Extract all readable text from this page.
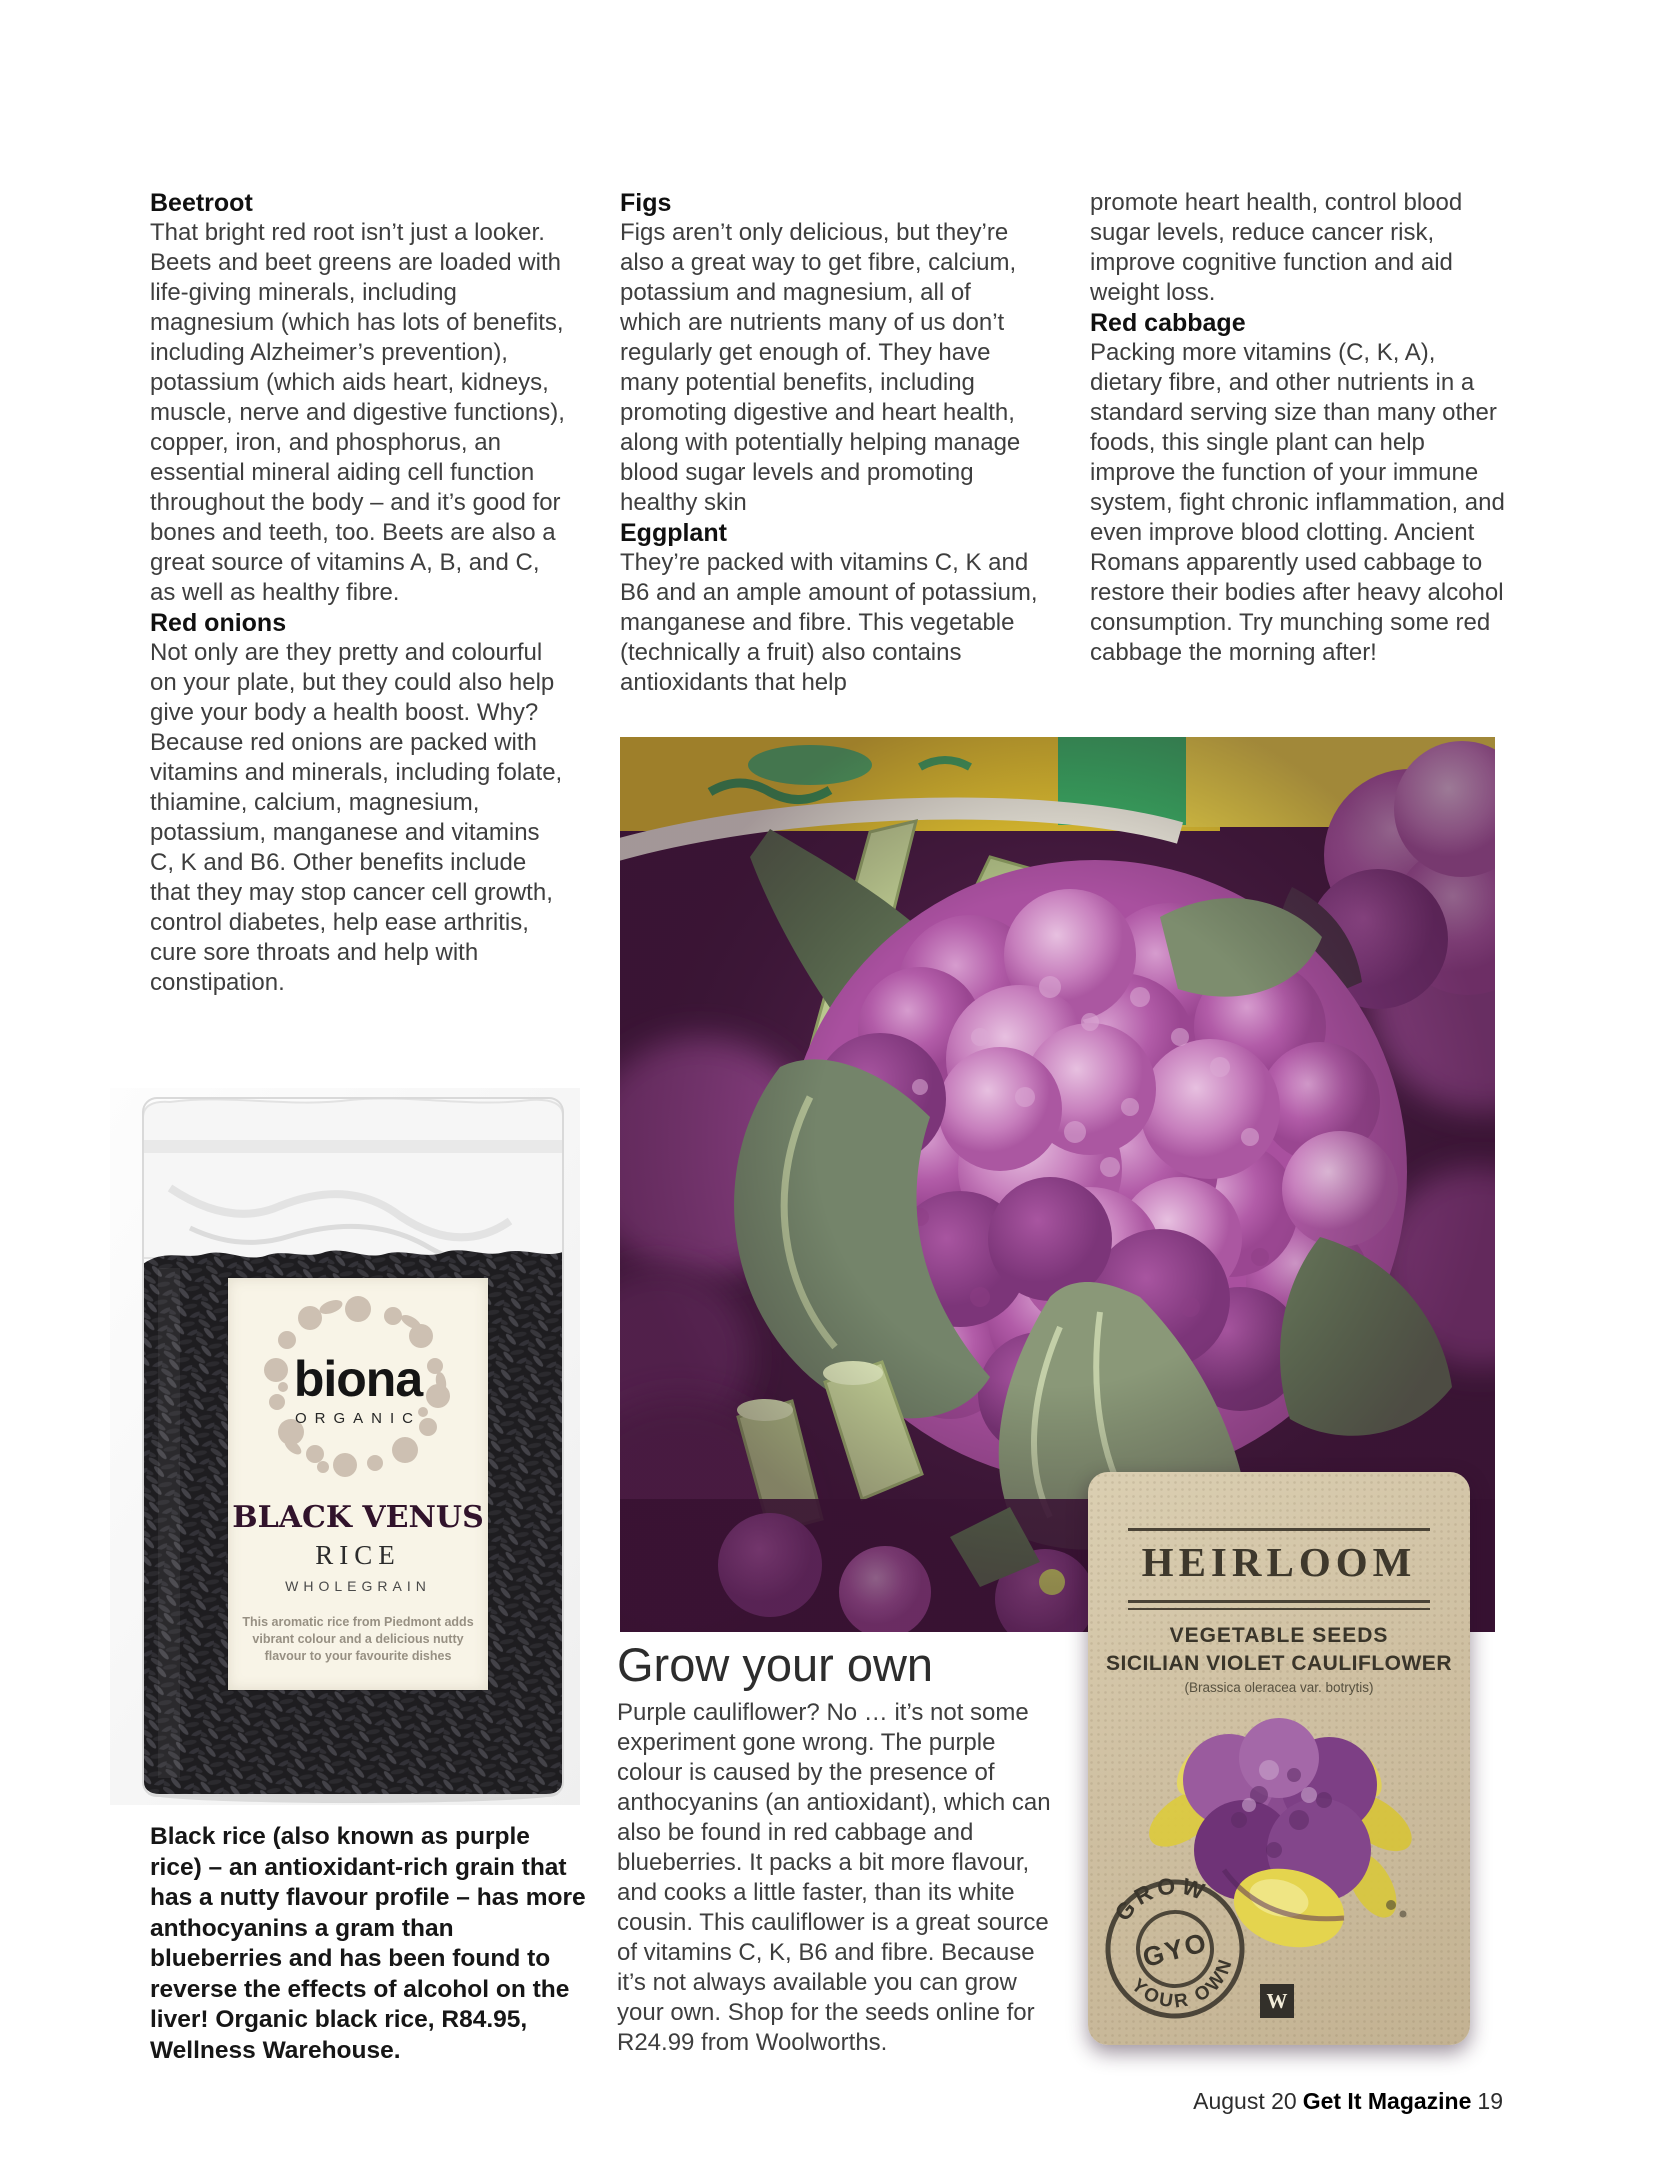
Beetroot

That bright red root isn’t just a looker. Beets and beet greens are loaded with life-giving minerals, including magnesium (which has lots of benefits, including Alzheimer’s prevention), potassium (which aids heart, kidneys, muscle, nerve and digestive functions), copper, iron, and phosphorus, an essential mineral aiding cell function throughout the body – and it’s good for bones and teeth, too. Beets are also a great source of vitamins A, B, and C, as well as healthy fibre.

Red onions

Not only are they pretty and colourful on your plate, but they could also help give your body a health boost. Why? Because red onions are packed with vitamins and minerals, including folate, thiamine, calcium, magnesium, potassium, manganese and vitamins C, K and B6. Other benefits include that they may stop cancer cell growth, control diabetes, help ease arthritis, cure sore throats and help with constipation.

Figs

Figs aren’t only delicious, but they’re also a great way to get fibre, calcium, potassium and magnesium, all of which are nutrients many of us don’t regularly get enough of. They have many potential benefits, including promoting digestive and heart health, along with potentially helping manage blood sugar levels and promoting healthy skin

Eggplant

They’re packed with vitamins C, K and B6 and an ample amount of potassium, manganese and fibre. This vegetable (technically a fruit) also contains antioxidants that help

promote heart health, control blood sugar levels, reduce cancer risk, improve cognitive function and aid weight loss.

Red cabbage

Packing more vitamins (C, K, A), dietary fibre, and other nutrients in a standard serving size than many other foods, this single plant can help improve the function of your immune system, fight chronic inflammation, and even improve blood clotting. Ancient Romans apparently used cabbage to restore their bodies after heavy alcohol consumption. Try munching some red cabbage the morning after!

HEIRLOOM
VEGETABLE SEEDS
SICILIAN VIOLET CAULIFLOWER
(Brassica oleracea var. botrytis)
GROW
YOUR OWN
GYO
W
biona
ORGANIC
BLACK VENUS
RICE
WHOLEGRAIN
This aromatic rice from Piedmont adds
vibrant colour and a delicious nutty
flavour to your favourite dishes

Black rice (also known as purple rice) – an antioxidant-rich grain that has a nutty flavour profile – has more anthocyanins a gram than blueberries and has been found to reverse the effects of alcohol on the liver! Organic black rice, R84.95, Wellness Warehouse.

Grow your own

Purple cauliflower? No … it’s not some experiment gone wrong. The purple colour is caused by the presence of anthocyanins (an antioxidant), which can also be found in red cabbage and blueberries. It packs a bit more flavour, and cooks a little faster, than its white cousin. This cauliflower is a great source of vitamins C, K, B6 and fibre. Because it’s not always available you can grow your own. Shop for the seeds online for R24.99 from Woolworths.

August 20 Get It Magazine 19
